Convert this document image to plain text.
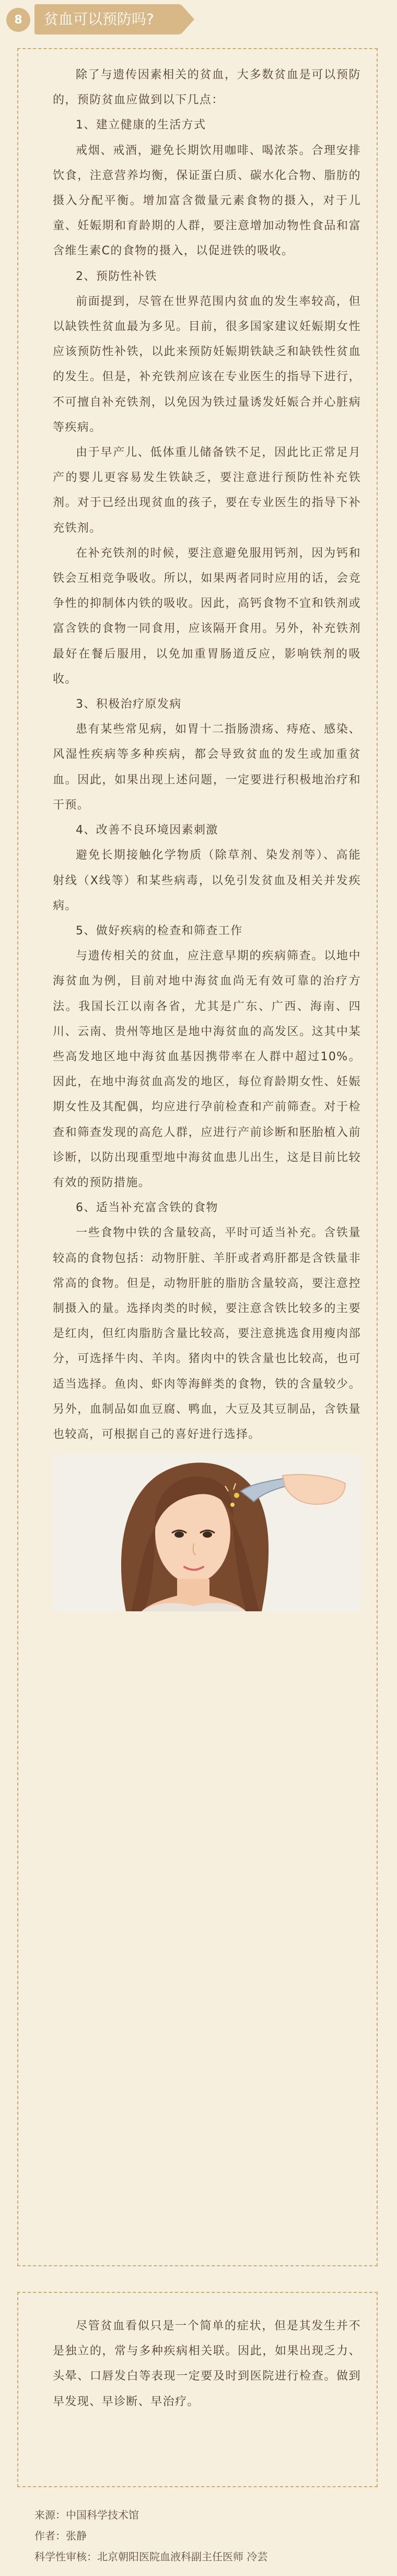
8 贫血可以预防吗?

除了与遗传因素相关的贫血，大多数贫血是可以预防的，预防贫血应做到以下几点：

1、建立健康的生活方式

戒烟、戒酒，避免长期饮用咖啡、喝浓茶。合理安排饮食，注意营养均衡，保证蛋白质、碳水化合物、脂肪的摄入分配平衡。增加富含微量元素食物的摄入，对于儿童、妊娠期和育龄期的人群，要注意增加动物性食品和富含维生素C的食物的摄入，以促进铁的吸收。

2、预防性补铁

前面提到，尽管在世界范围内贫血的发生率较高，但以缺铁性贫血最为多见。目前，很多国家建议妊娠期女性应该预防性补铁，以此来预防妊娠期铁缺乏和缺铁性贫血的发生。但是，补充铁剂应该在专业医生的指导下进行，不可擅自补充铁剂，以免因为铁过量诱发妊娠合并心脏病等疾病。

由于早产儿、低体重儿储备铁不足，因此比正常足月产的婴儿更容易发生铁缺乏，要注意进行预防性补充铁剂。对于已经出现贫血的孩子，要在专业医生的指导下补充铁剂。

在补充铁剂的时候，要注意避免服用钙剂，因为钙和铁会互相竞争吸收。所以，如果两者同时应用的话，会竞争性的抑制体内铁的吸收。因此，高钙食物不宜和铁剂或富含铁的食物一同食用，应该隔开食用。另外，补充铁剂最好在餐后服用，以免加重胃肠道反应，影响铁剂的吸收。

3、积极治疗原发病

患有某些常见病，如胃十二指肠溃疡、痔疮、感染、风湿性疾病等多种疾病，都会导致贫血的发生或加重贫血。因此，如果出现上述问题，一定要进行积极地治疗和干预。

4、改善不良环境因素刺激

避免长期接触化学物质（除草剂、染发剂等）、高能射线（X线等）和某些病毒，以免引发贫血及相关并发疾病。

5、做好疾病的检查和筛查工作

与遗传相关的贫血，应注意早期的疾病筛查。以地中海贫血为例，目前对地中海贫血尚无有效可靠的治疗方法。我国长江以南各省，尤其是广东、广西、海南、四川、云南、贵州等地区是地中海贫血的高发区。这其中某些高发地区地中海贫血基因携带率在人群中超过10%。因此，在地中海贫血高发的地区，每位育龄期女性、妊娠期女性及其配偶，均应进行孕前检查和产前筛查。对于检查和筛查发现的高危人群，应进行产前诊断和胚胎植入前诊断，以防出现重型地中海贫血患儿出生，这是目前比较有效的预防措施。

6、适当补充富含铁的食物

一些食物中铁的含量较高，平时可适当补充。含铁量较高的食物包括：动物肝脏、羊肝或者鸡肝都是含铁量非常高的食物。但是，动物肝脏的脂肪含量较高，要注意控制摄入的量。选择肉类的时候，要注意含铁比较多的主要是红肉，但红肉脂肪含量比较高，要注意挑选食用瘦肉部分，可选择牛肉、羊肉。猪肉中的铁含量也比较高，也可适当选择。鱼肉、虾肉等海鲜类的食物，铁的含量较少。另外，血制品如血豆腐、鸭血，大豆及其豆制品，含铁量也较高，可根据自己的喜好进行选择。

尽管贫血看似只是一个简单的症状，但是其发生并不是独立的，常与多种疾病相关联。因此，如果出现乏力、头晕、口唇发白等表现一定要及时到医院进行检查。做到早发现、早诊断、早治疗。

来源：中国科学技术馆

作者：张静

科学性审核：北京朝阳医院血液科副主任医师 冷芸
